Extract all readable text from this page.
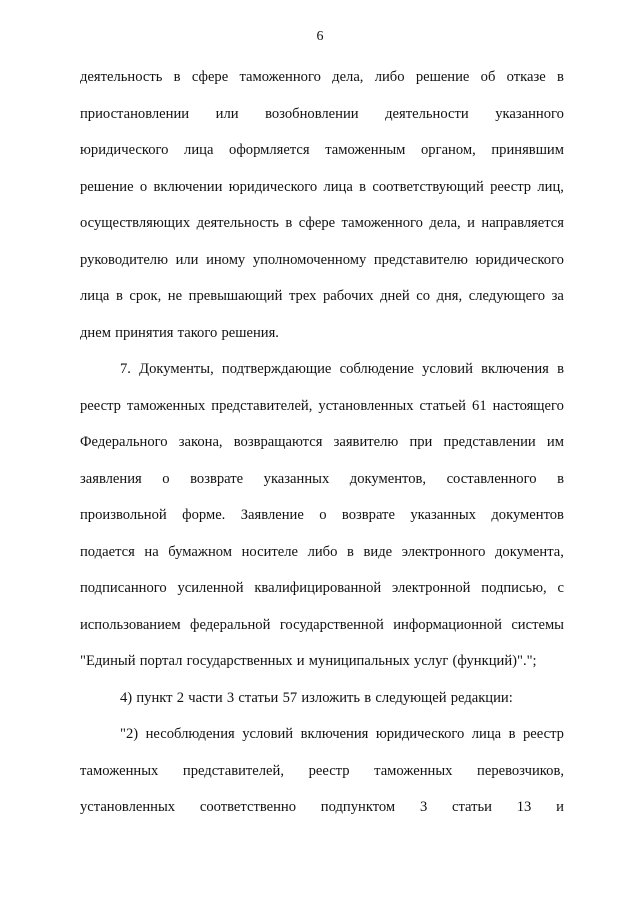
6
деятельность в сфере таможенного дела, либо решение об отказе в
приостановлении или возобновлении деятельности указанного
юридического лица оформляется таможенным органом, принявшим
решение о включении юридического лица в соответствующий реестр лиц,
осуществляющих деятельность в сфере таможенного дела, и направляется
руководителю или иному уполномоченному представителю юридического
лица в срок, не превышающий трех рабочих дней со дня, следующего за
днем принятия такого решения.
7. Документы, подтверждающие соблюдение условий включения в
реестр таможенных представителей, установленных статьей 61 настоящего
Федерального закона, возвращаются заявителю при представлении им
заявления о возврате указанных документов, составленного в
произвольной форме. Заявление о возврате указанных документов
подается на бумажном носителе либо в виде электронного документа,
подписанного усиленной квалифицированной электронной подписью, с
использованием федеральной государственной информационной системы
"Единый портал государственных и муниципальных услуг (функций)".";
4) пункт 2 части 3 статьи 57 изложить в следующей редакции:
"2) несоблюдения условий включения юридического лица в реестр
таможенных представителей, реестр таможенных перевозчиков,
установленных соответственно подпунктом 3 статьи 13 и
